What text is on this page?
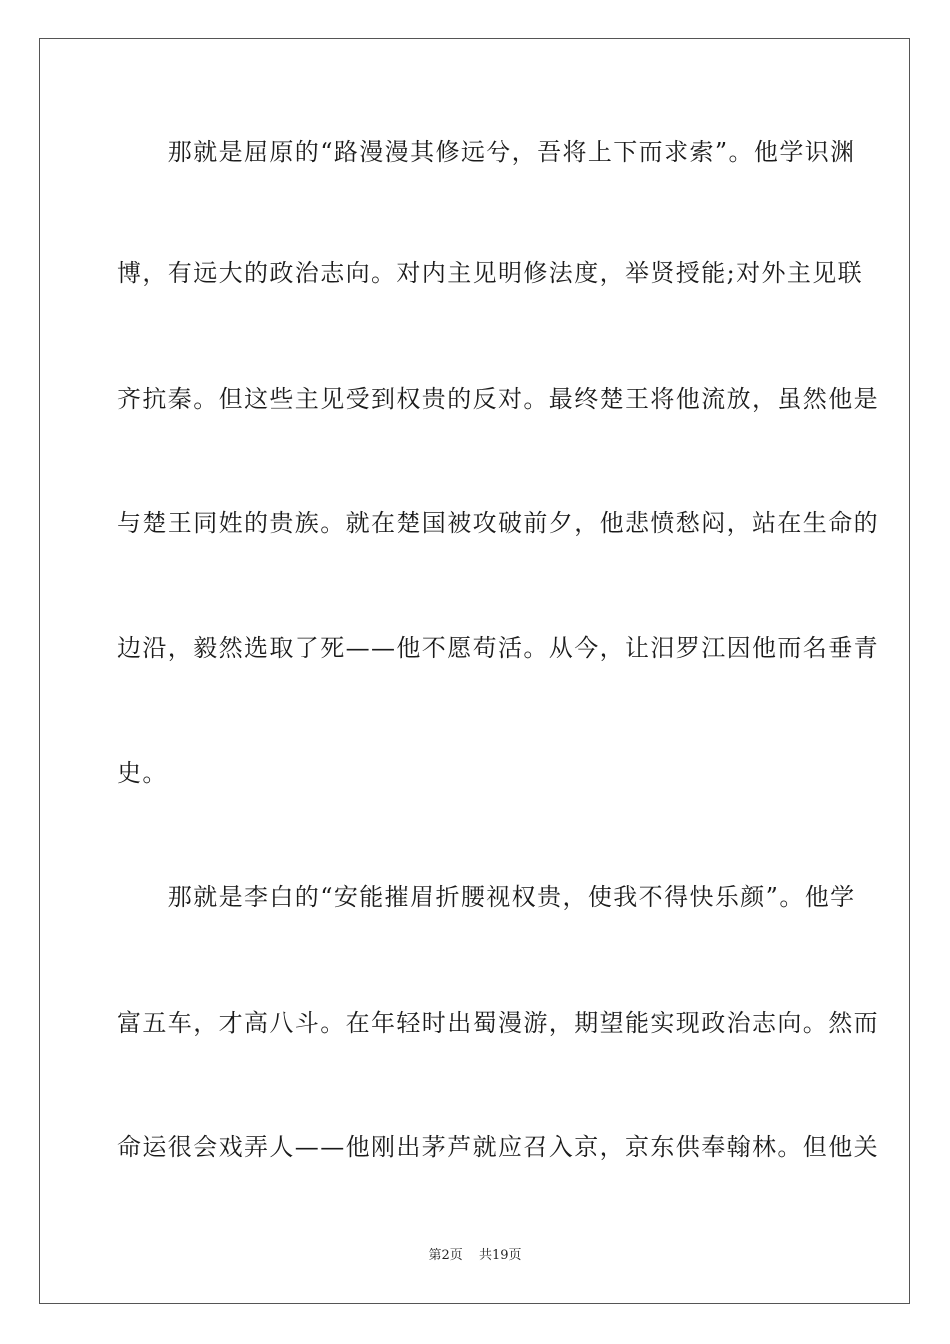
　　那就是屈原的“路漫漫其修远兮，吾将上下而求索”。他学识渊
博，有远大的政治志向。对内主见明修法度，举贤授能;对外主见联
齐抗秦。但这些主见受到权贵的反对。最终楚王将他流放，虽然他是
与楚王同姓的贵族。就在楚国被攻破前夕，他悲愤愁闷，站在生命的
边沿，毅然选取了死——他不愿苟活。从今，让汨罗江因他而名垂青
史。
　　那就是李白的“安能摧眉折腰视权贵，使我不得快乐颜”。他学
富五车，才高八斗。在年轻时出蜀漫游，期望能实现政治志向。然而
命运很会戏弄人——他刚出茅芦就应召入京，京东供奉翰林。但他关
第2页 共19页
